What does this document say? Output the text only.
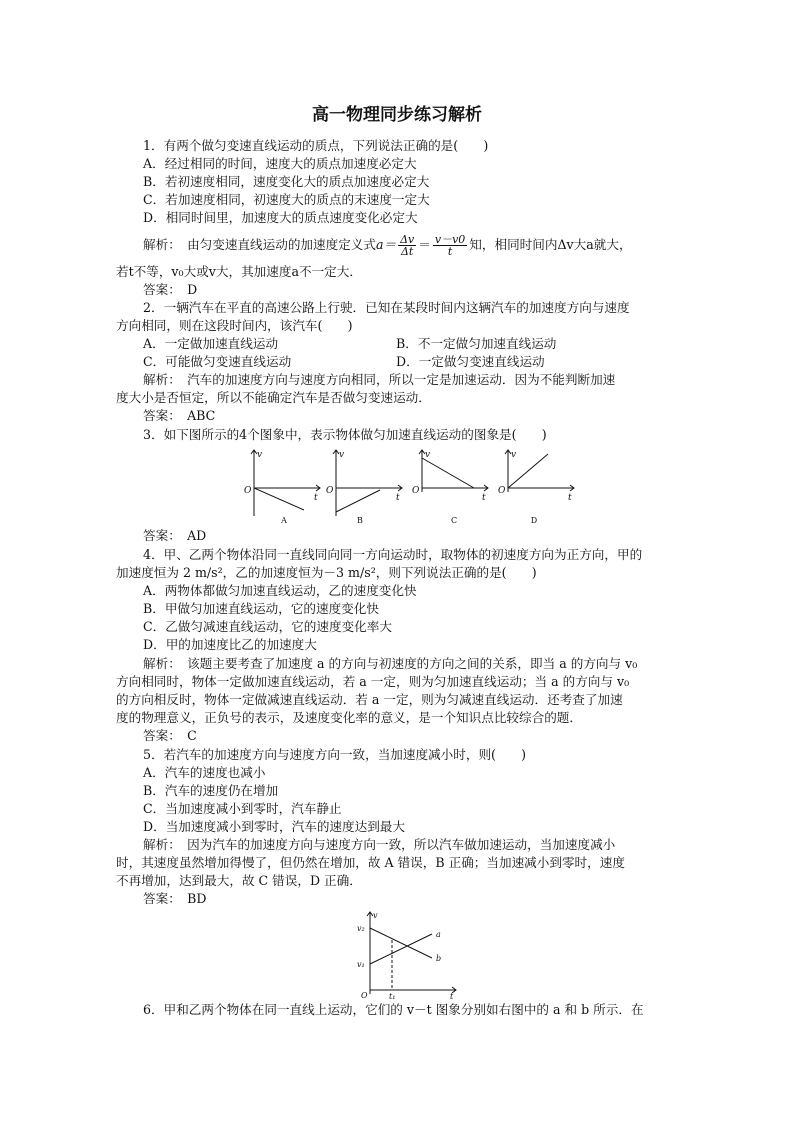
高一物理同步练习解析
1．有两个做匀变速直线运动的质点，下列说法正确的是(　　)
A．经过相同的时间，速度大的质点加速度必定大
B．若初速度相同，速度变化大的质点加速度必定大
C．若加速度相同，初速度大的质点的末速度一定大
D．相同时间里，加速度大的质点速度变化必定大
解析：　由匀变速直线运动的加速度定义式$a= \frac{\Delta v}{\Delta t} = \frac{v-v0}{t}$ 知，相同时间内Δv大a就大，
若t不等，v₀大或v大，其加速度a不一定大．
答案：　D
2．一辆汽车在平直的高速公路上行驶．已知在某段时间内这辆汽车的加速度方向与速度
方向相同，则在这段时间内，该汽车(　　)
A．一定做加速直线运动	B．不一定做匀加速直线运动
C．可能做匀变速直线运动	D．一定做匀变速直线运动
解析：　汽车的加速度方向与速度方向相同，所以一定是加速运动．因为不能判断加速
度大小是否恒定，所以不能确定汽车是否做匀变速运动．
答案：　ABC
3．如下图所示的4个图象中，表示物体做匀加速直线运动的图象是(　　)
v
O
t
v
O
t
v
O
t
v
O
t
A	B	C	D
答案：　AD
4．甲、乙两个物体沿同一直线同向同一方向运动时，取物体的初速度方向为正方向，甲的
加速度恒为 2 m/s²，乙的加速度恒为－3 m/s²，则下列说法正确的是(　　)
A．两物体都做匀加速直线运动，乙的速度变化快
B．甲做匀加速直线运动，它的速度变化快
C．乙做匀减速直线运动，它的速度变化率大
D．甲的加速度比乙的加速度大
解析：　该题主要考查了加速度 a 的方向与初速度的方向之间的关系，即当 a 的方向与 v₀
方向相同时，物体一定做加速直线运动，若 a 一定，则为匀加速直线运动；当 a 的方向与 v₀
的方向相反时，物体一定做减速直线运动．若 a 一定，则为匀减速直线运动．还考查了加速
度的物理意义，正负号的表示，及速度变化率的意义，是一个知识点比较综合的题．
答案：　C
5．若汽车的加速度方向与速度方向一致，当加速度减小时，则(　　)
A．汽车的速度也减小
B．汽车的速度仍在增加
C．当加速度减小到零时，汽车静止
D．当加速度减小到零时，汽车的速度达到最大
解析：　因为汽车的加速度方向与速度方向一致，所以汽车做加速运动，当加速度减小
时，其速度虽然增加得慢了，但仍然在增加，故 A 错误，B 正确；当加速减小到零时，速度
不再增加，达到最大，故 C 错误，D 正确．
答案：　BD
v
v₂
v₁
O	t₁	t
a
b
6．甲和乙两个物体在同一直线上运动，它们的 v－t 图象分别如右图中的 a 和 b 所示．在
